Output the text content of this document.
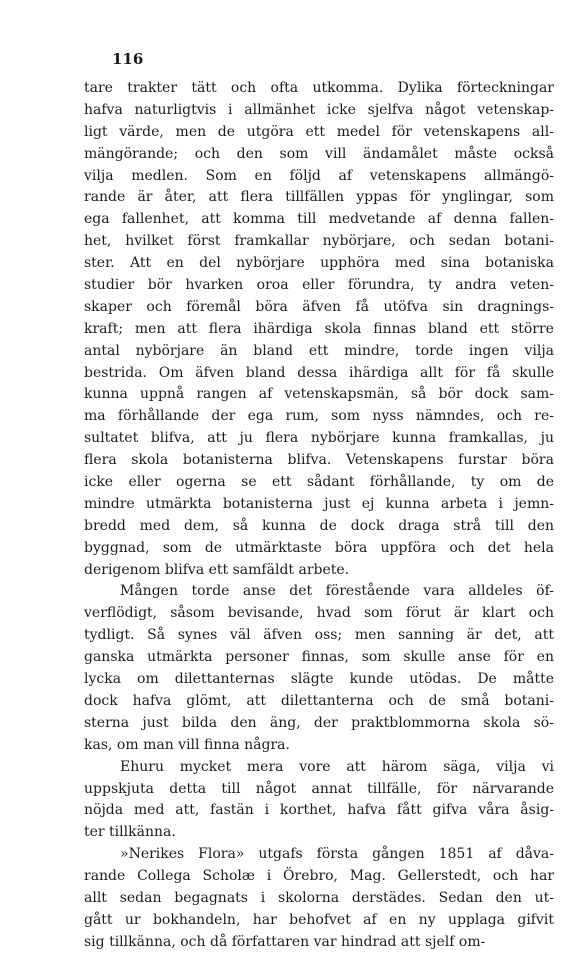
116
tare trakter tätt och ofta utkomma. Dylika förteckningar
hafva naturligtvis i allmänhet icke sjelfva något vetenskap-
ligt värde, men de utgöra ett medel för vetenskapens all-
mängörande; och den som vill ändamålet måste också
vilja medlen. Som en följd af vetenskapens allmängö-
rande är åter, att flera tillfällen yppas för ynglingar, som
ega fallenhet, att komma till medvetande af denna fallen-
het, hvilket först framkallar nybörjare, och sedan botani-
ster. Att en del nybörjare upphöra med sina botaniska
studier bör hvarken oroa eller förundra, ty andra veten-
skaper och föremål böra äfven få utöfva sin dragnings-
kraft; men att flera ihärdiga skola finnas bland ett större
antal nybörjare än bland ett mindre, torde ingen vilja
bestrida. Om äfven bland dessa ihärdiga allt för få skulle
kunna uppnå rangen af vetenskapsmän, så bör dock sam-
ma förhållande der ega rum, som nyss nämndes, och re-
sultatet blifva, att ju flera nybörjare kunna framkallas, ju
flera skola botanisterna blifva. Vetenskapens furstar böra
icke eller ogerna se ett sådant förhållande, ty om de
mindre utmärkta botanisterna just ej kunna arbeta i jemn-
bredd med dem, så kunna de dock draga strå till den
byggnad, som de utmärktaste böra uppföra och det hela
derigenom blifva ett samfäldt arbete.
Mången torde anse det förestående vara alldeles öf-
verflödigt, såsom bevisande, hvad som förut är klart och
tydligt. Så synes väl äfven oss; men sanning är det, att
ganska utmärkta personer finnas, som skulle anse för en
lycka om dilettanternas slägte kunde utödas. De måtte
dock hafva glömt, att dilettanterna och de små botani-
sterna just bilda den äng, der praktblommorna skola sö-
kas, om man vill finna några.
Ehuru mycket mera vore att härom säga, vilja vi
uppskjuta detta till något annat tillfälle, för närvarande
nöjda med att, fastän i korthet, hafva fått gifva våra åsig-
ter tillkänna.
»Nerikes Flora» utgafs första gången 1851 af dåva-
rande Collega Scholæ i Örebro, Mag. Gellerstedt, och har
allt sedan begagnats i skolorna derstädes. Sedan den ut-
gått ur bokhandeln, har behofvet af en ny upplaga gifvit
sig tillkänna, och då författaren var hindrad att sjelf om-
